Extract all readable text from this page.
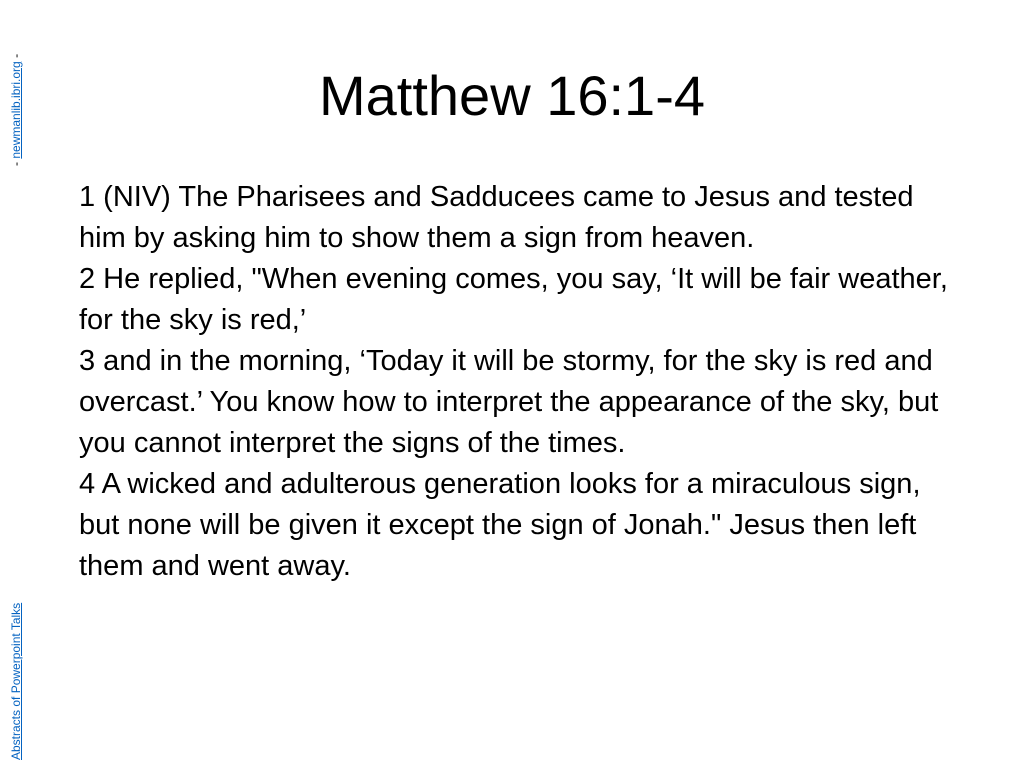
- newmanlib.ibri.org -
Matthew 16:1-4

1 (NIV) The Pharisees and Sadducees came to Jesus and tested him by asking him to show them a sign from heaven.

2 He replied, "When evening comes, you say, ‘It will be fair weather, for the sky is red,’

3 and in the morning, ‘Today it will be stormy, for the sky is red and overcast.’ You know how to interpret the appearance of the sky, but you cannot interpret the signs of the times.

4 A wicked and adulterous generation looks for a miraculous sign, but none will be given it except the sign of Jonah." Jesus then left them and went away.

Abstracts of Powerpoint Talks
